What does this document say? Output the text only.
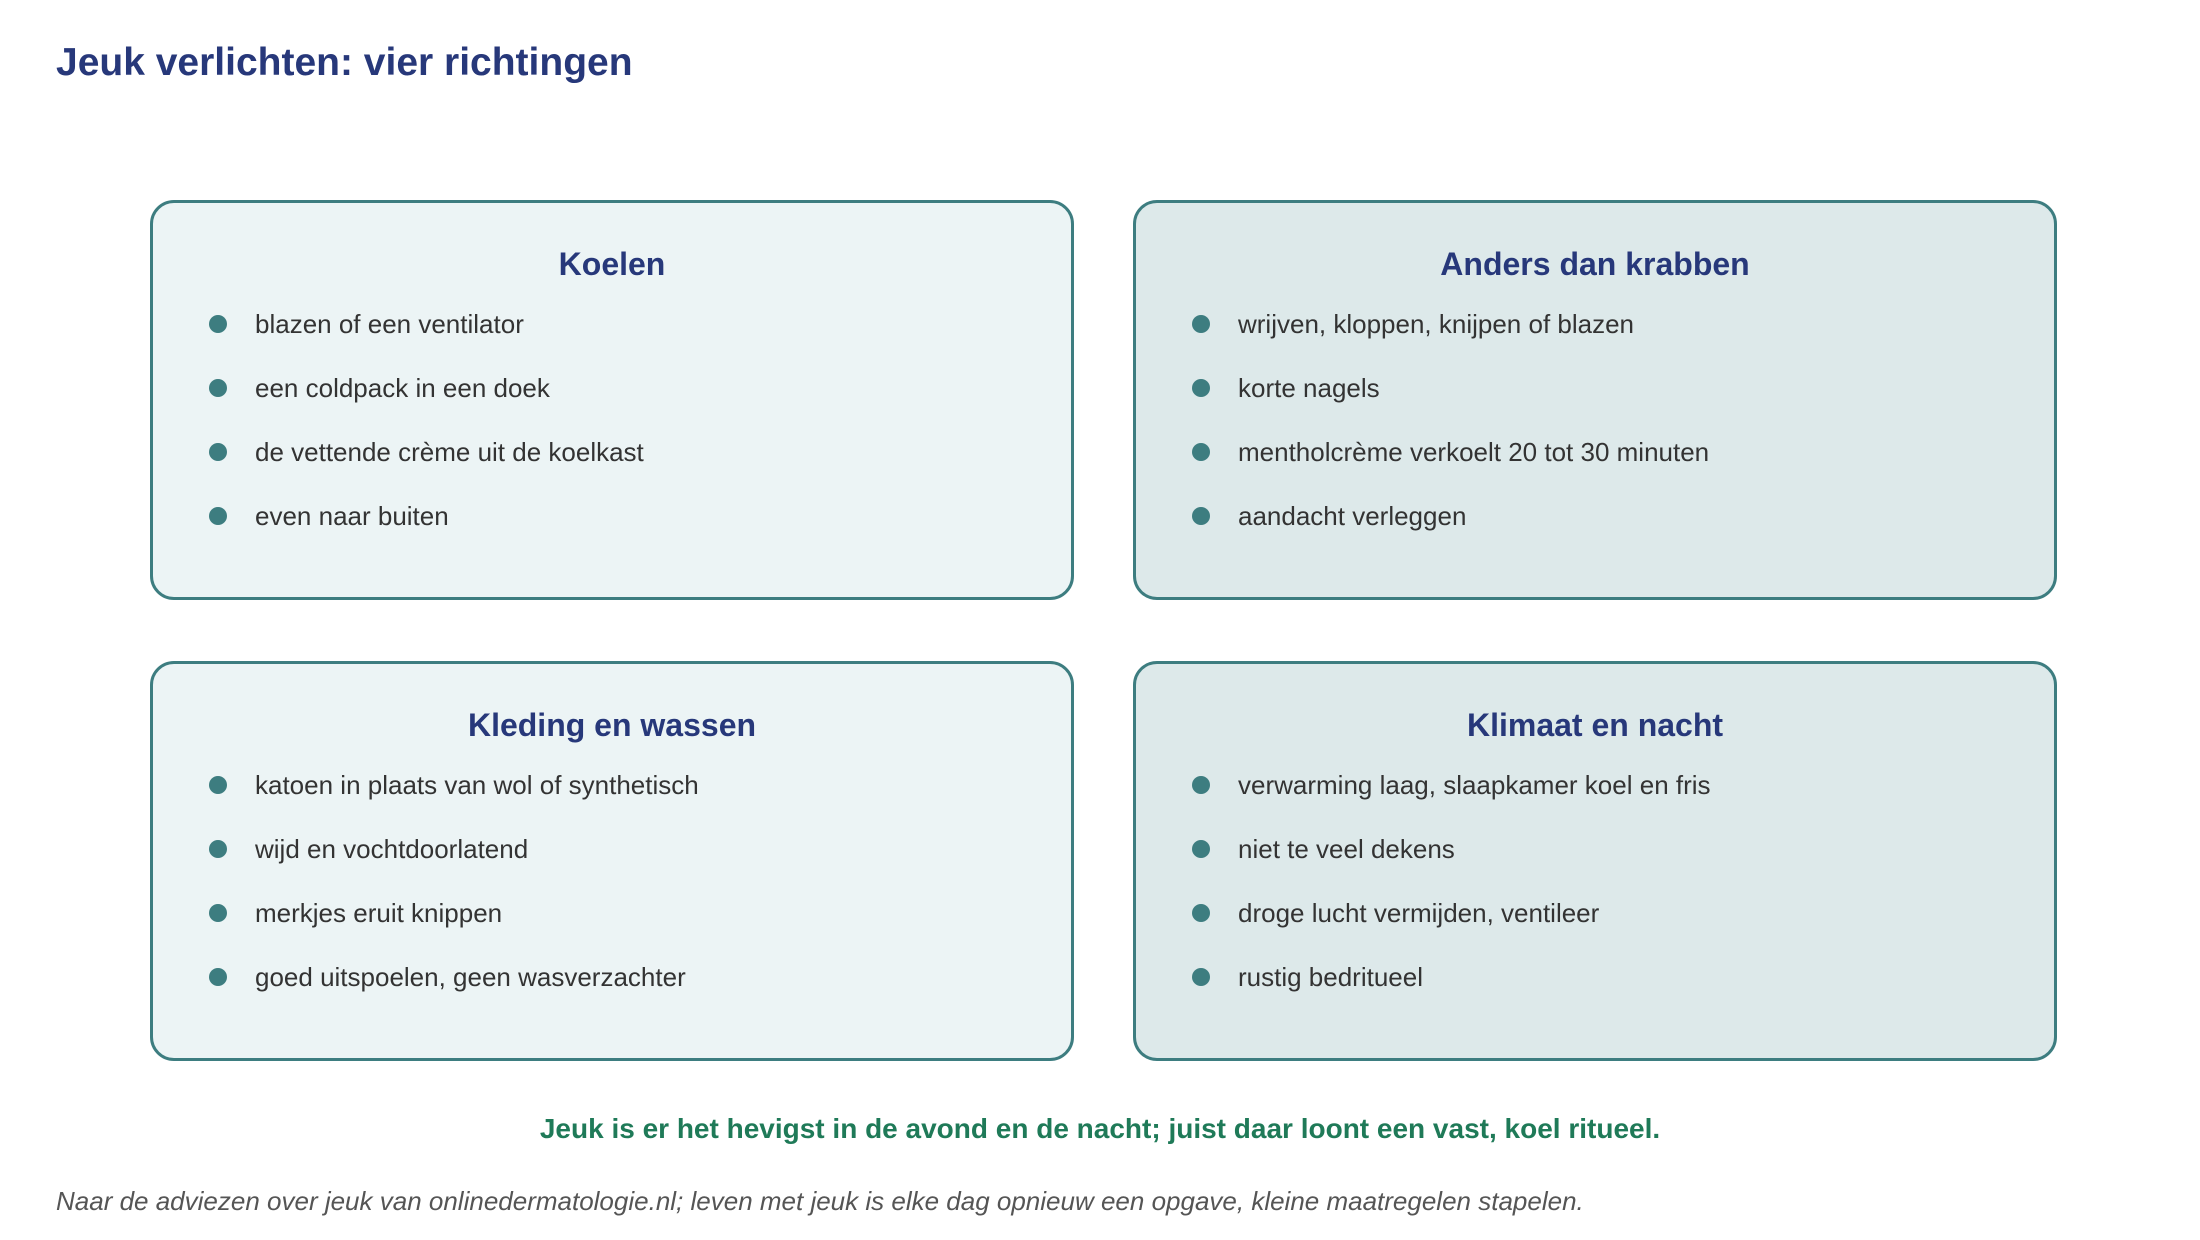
Jeuk verlichten: vier richtingen
Koelen
blazen of een ventilator
een coldpack in een doek
de vettende crème uit de koelkast
even naar buiten
Anders dan krabben
wrijven, kloppen, knijpen of blazen
korte nagels
mentholcrème verkoelt 20 tot 30 minuten
aandacht verleggen
Kleding en wassen
katoen in plaats van wol of synthetisch
wijd en vochtdoorlatend
merkjes eruit knippen
goed uitspoelen, geen wasverzachter
Klimaat en nacht
verwarming laag, slaapkamer koel en fris
niet te veel dekens
droge lucht vermijden, ventileer
rustig bedritueel

Jeuk is er het hevigst in de avond en de nacht; juist daar loont een vast, koel ritueel.

Naar de adviezen over jeuk van onlinedermatologie.nl; leven met jeuk is elke dag opnieuw een opgave, kleine maatregelen stapelen.
